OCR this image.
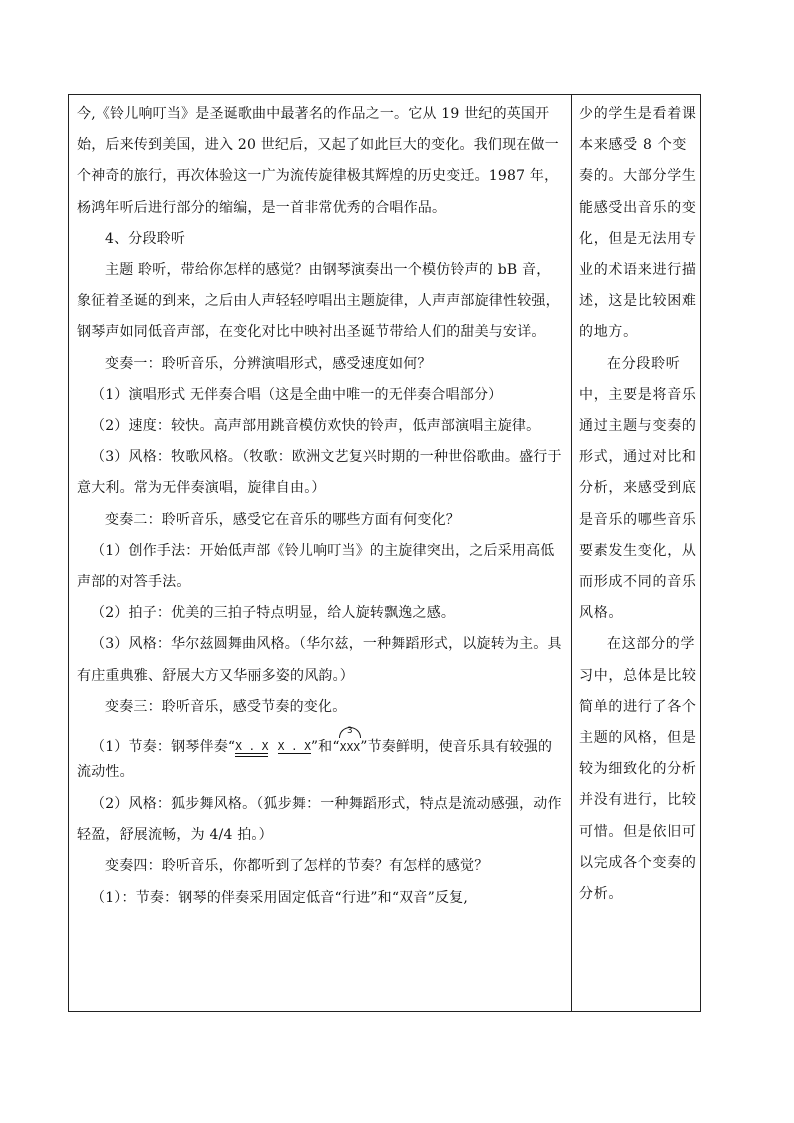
今,《铃儿响叮当》是圣诞歌曲中最著名的作品之一。它从 19 世纪的英国开始，后来传到美国，进入 20 世纪后，又起了如此巨大的变化。我们现在做一个神奇的旅行，再次体验这一广为流传旋律极其辉煌的历史变迁。1987 年，杨鸿年听后进行部分的缩编，是一首非常优秀的合唱作品。

4、分段聆听

主题 聆听，带给你怎样的感觉？由钢琴演奏出一个模仿铃声的 bB 音，象征着圣诞的到来，之后由人声轻轻哼唱出主题旋律，人声声部旋律性较强，钢琴声如同低音声部，在变化对比中映衬出圣诞节带给人们的甜美与安详。

变奏一：聆听音乐，分辨演唱形式，感受速度如何？

（1）演唱形式 无伴奏合唱（这是全曲中唯一的无伴奏合唱部分）

（2）速度：较快。高声部用跳音模仿欢快的铃声，低声部演唱主旋律。

（3）风格：牧歌风格。（牧歌：欧洲文艺复兴时期的一种世俗歌曲。盛行于意大利。常为无伴奏演唱，旋律自由。）

变奏二：聆听音乐，感受它在音乐的哪些方面有何变化？

（1）创作手法：开始低声部《铃儿响叮当》的主旋律突出，之后采用高低声部的对答手法。

（2）拍子：优美的三拍子特点明显，给人旋转飘逸之感。

（3）风格：华尔兹圆舞曲风格。（华尔兹，一种舞蹈形式，以旋转为主。具有庄重典雅、舒展大方又华丽多姿的风韵。）

变奏三：聆听音乐，感受节奏的变化。

（1）节奏：钢琴伴奏“X . X X . X”和“
3
XXX”节奏鲜明，使音乐具有较强的流动性。

（2）风格：狐步舞风格。（狐步舞：一种舞蹈形式，特点是流动感强，动作轻盈，舒展流畅，为 4/4 拍。）

变奏四：聆听音乐，你都听到了怎样的节奏？有怎样的感觉？

（1）：节奏：钢琴的伴奏采用固定低音“行进”和“双音”反复,

少的学生是看着课本来感受 8 个变奏的。大部分学生能感受出音乐的变化，但是无法用专业的术语来进行描述，这是比较困难的地方。

在分段聆听中，主要是将音乐通过主题与变奏的形式，通过对比和分析，来感受到底是音乐的哪些音乐要素发生变化，从而形成不同的音乐风格。

在这部分的学习中，总体是比较简单的进行了各个主题的风格，但是较为细致化的分析并没有进行，比较可惜。但是依旧可以完成各个变奏的分析。
